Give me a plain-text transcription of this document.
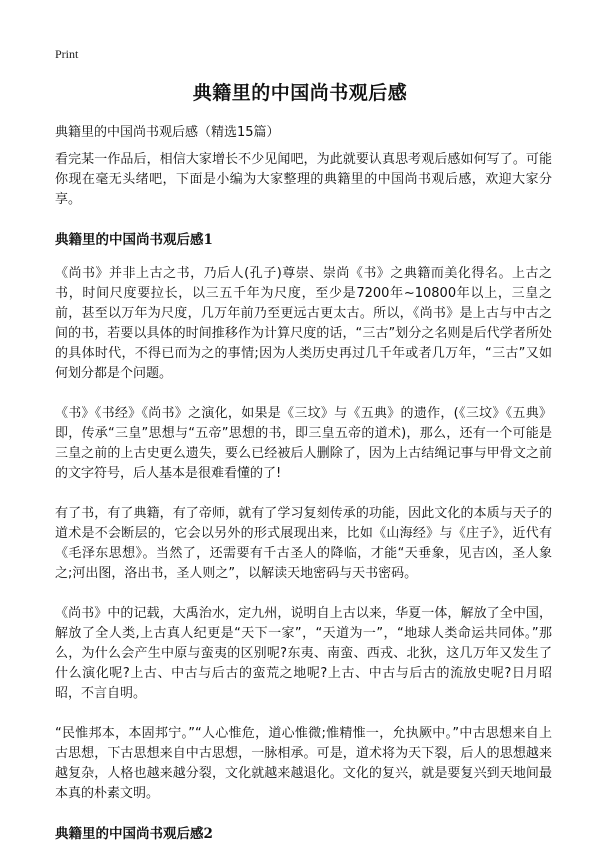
Print
典籍里的中国尚书观后感

典籍里的中国尚书观后感（精选15篇）

看完某一作品后，相信大家增长不少见闻吧，为此就要认真思考观后感如何写了。可能你现在毫无头绪吧，下面是小编为大家整理的典籍里的中国尚书观后感，欢迎大家分享。

典籍里的中国尚书观后感1

《尚书》并非上古之书，乃后人(孔子)尊崇、崇尚《书》之典籍而美化得名。上古之书，时间尺度要拉长，以三五千年为尺度，至少是7200年~10800年以上，三皇之前，甚至以万年为尺度，几万年前乃至更远古更太古。所以，《尚书》是上古与中古之间的书，若要以具体的时间推移作为计算尺度的话，“三古”划分之名则是后代学者所处的具体时代，不得已而为之的事情;因为人类历史再过几千年或者几万年，“三古”又如何划分都是个问题。

《书》《书经》《尚书》之演化，如果是《三坟》与《五典》的遗作，(《三坟》《五典》即，传承“三皇”思想与“五帝”思想的书，即三皇五帝的道术)，那么，还有一个可能是三皇之前的上古史更么遗失，要么已经被后人删除了，因为上古结绳记事与甲骨文之前的文字符号，后人基本是很难看懂的了!

有了书，有了典籍，有了帝师，就有了学习复刻传承的功能，因此文化的本质与天子的道术是不会断层的，它会以另外的形式展现出来，比如《山海经》与《庄子》，近代有《毛泽东思想》。当然了，还需要有千古圣人的降临，才能“天垂象，见吉凶，圣人象之;河出图，洛出书，圣人则之”，以解读天地密码与天书密码。

《尚书》中的记载，大禹治水，定九州，说明自上古以来，华夏一体，解放了全中国，解放了全人类,上古真人纪更是“天下一家”，“天道为一”，“地球人类命运共同体。”那么，为什么会产生中原与蛮夷的区别呢?东夷、南蛮、西戎、北狄，这几万年又发生了什么演化呢?上古、中古与后古的蛮荒之地呢?上古、中古与后古的流放史呢?日月昭昭，不言自明。

“民惟邦本，本固邦宁。”“人心惟危，道心惟微;惟精惟一，允执厥中。”中古思想来自上古思想，下古思想来自中古思想，一脉相承。可是，道术将为天下裂，后人的思想越来越复杂，人格也越来越分裂，文化就越来越退化。文化的复兴，就是要复兴到天地间最本真的朴素文明。

典籍里的中国尚书观后感2
